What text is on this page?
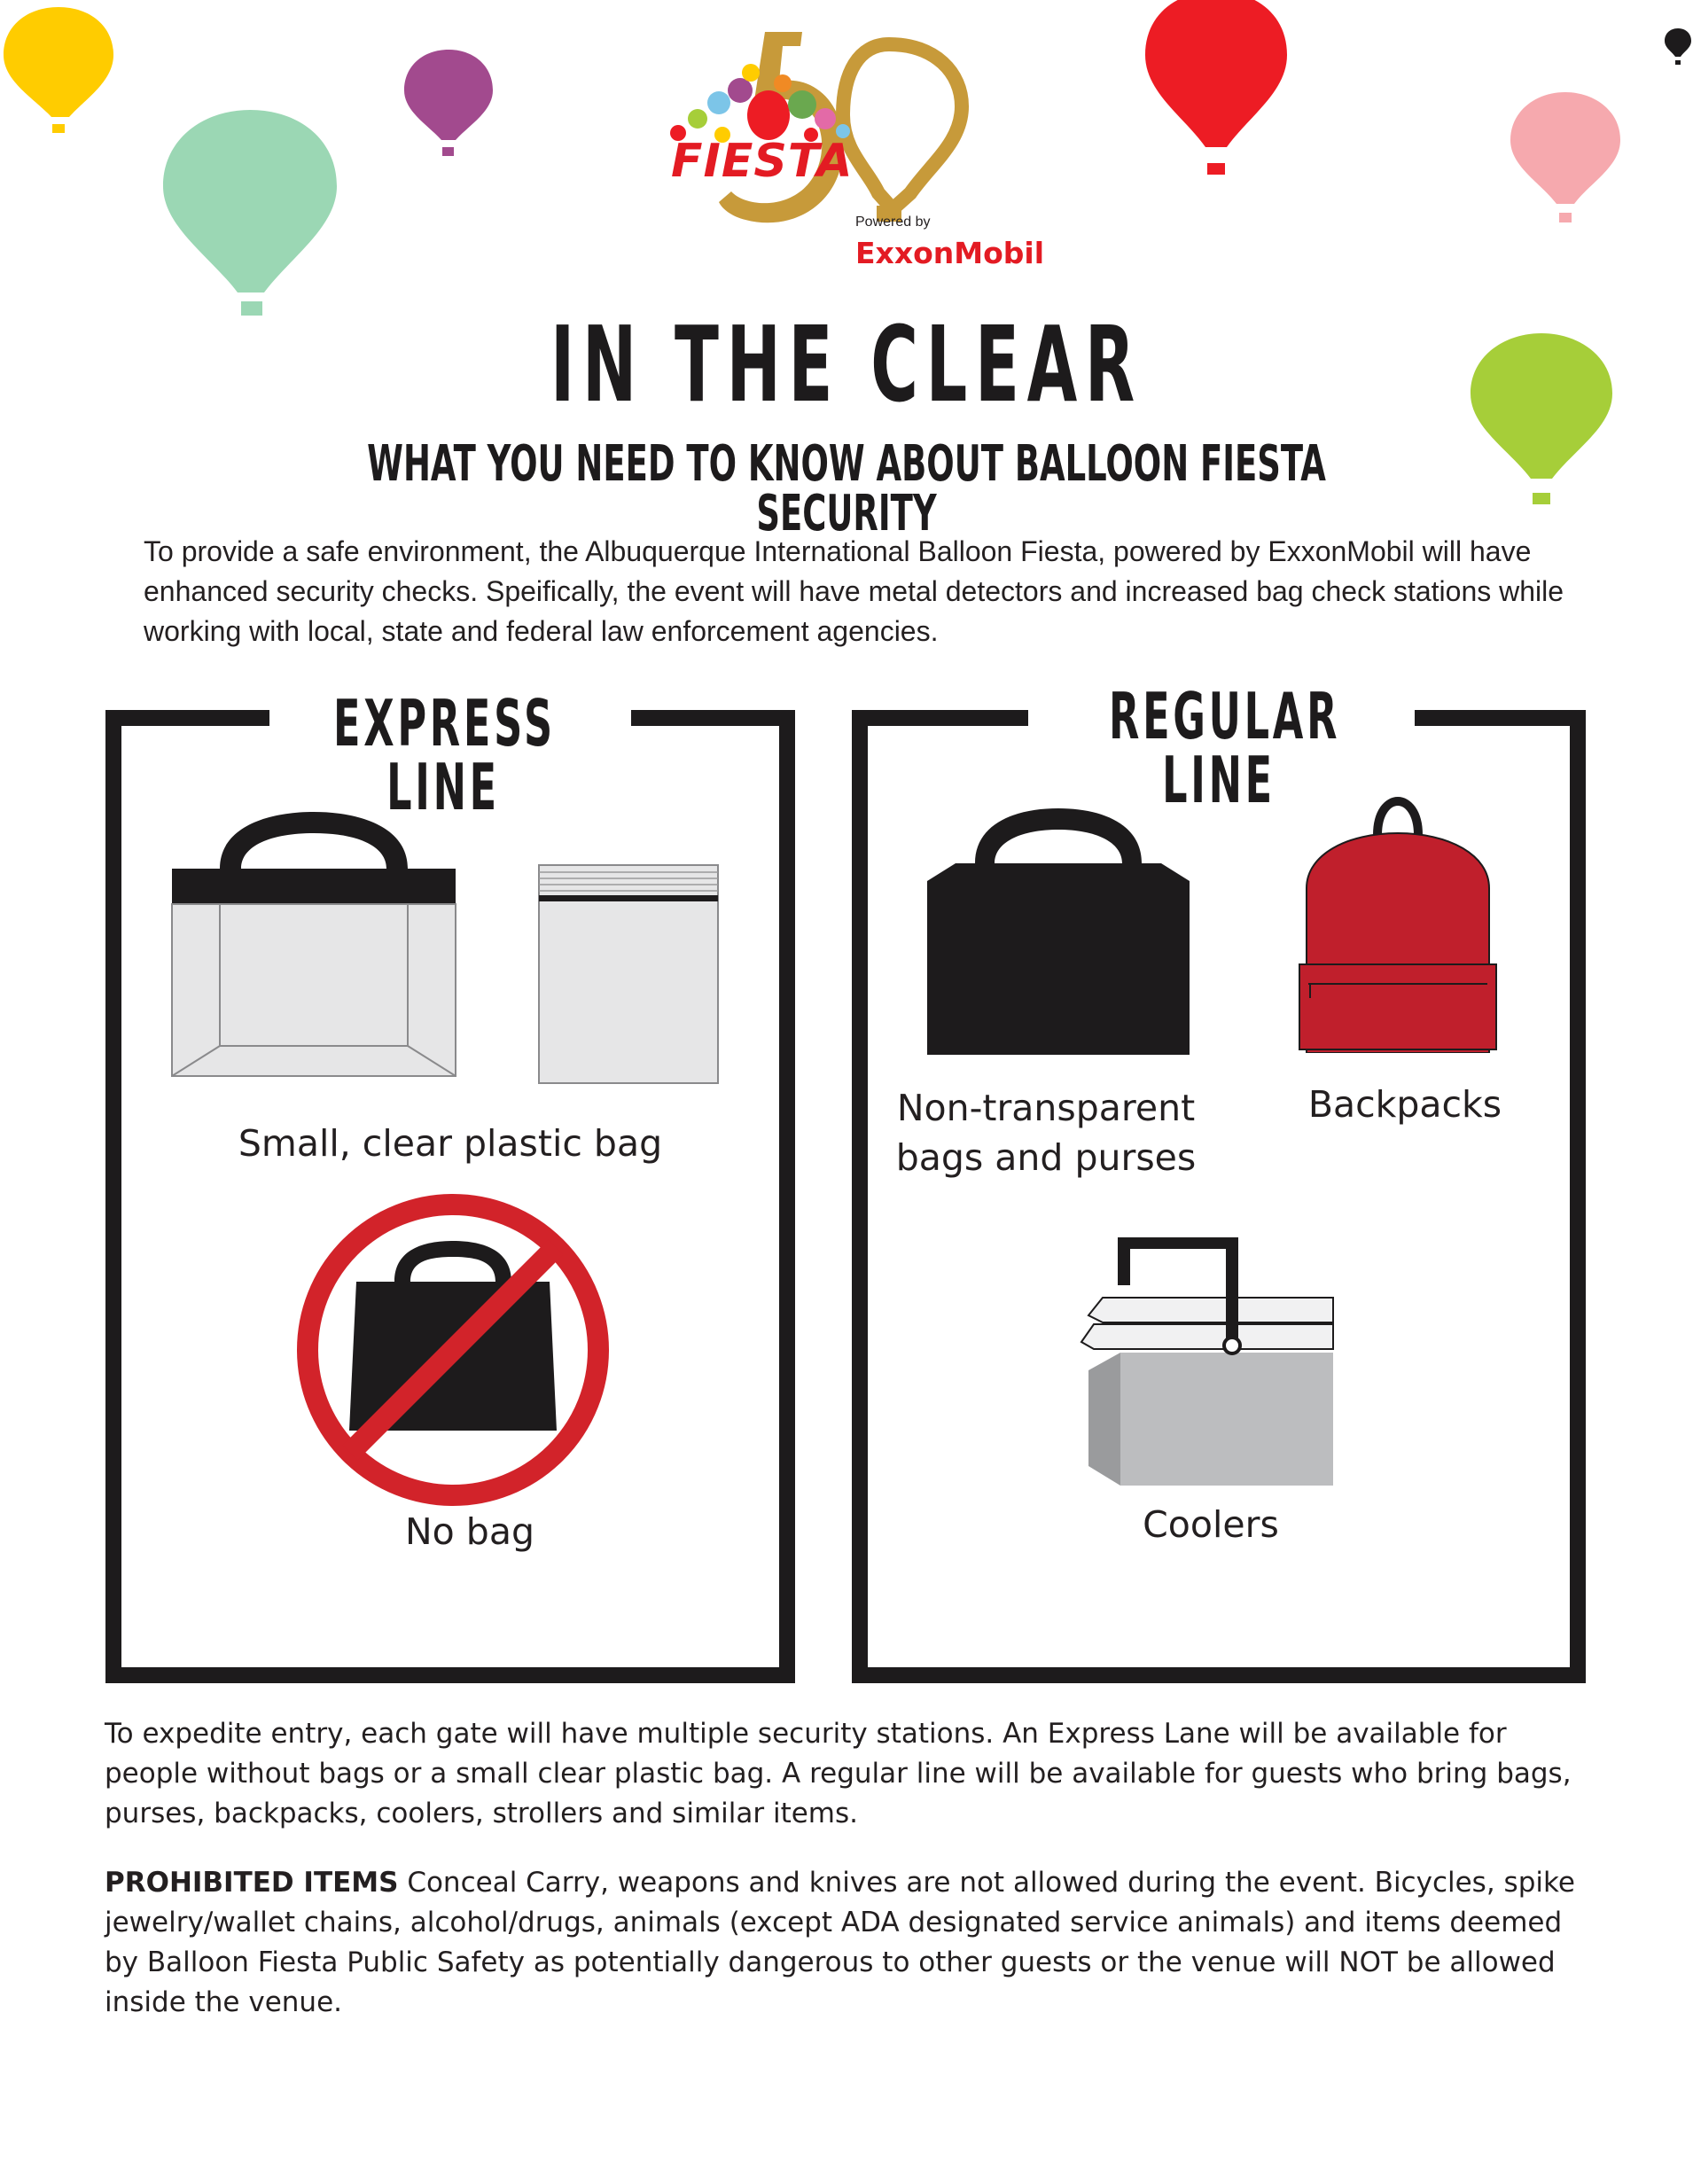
FIESTA
Powered by
ExxonMobil
IN THE CLEAR
WHAT YOU NEED TO KNOW ABOUT BALLOON FIESTA SECURITY
To provide a safe environment, the Albuquerque International Balloon Fiesta, powered by ExxonMobil will have enhanced security checks. Speifically, the event will have metal detectors and increased bag check stations while working with local, state and federal law enforcement agencies.
EXPRESS LINE
Small, clear plastic bag
No bag
REGULAR LINE
Non-transparent
bags and purses
Backpacks
Coolers
To expedite entry, each gate will have multiple security stations. An Express Lane will be available for people without bags or a small clear plastic bag. A regular line will be available for guests who bring bags, purses, backpacks, coolers, strollers and similar items.
PROHIBITED ITEMS Conceal Carry, weapons and knives are not allowed during the event. Bicycles, spike jewelry/wallet chains, alcohol/drugs, animals (except ADA designated service animals) and items deemed by Balloon Fiesta Public Safety as potentially dangerous to other guests or the venue will NOT be allowed inside the venue.
